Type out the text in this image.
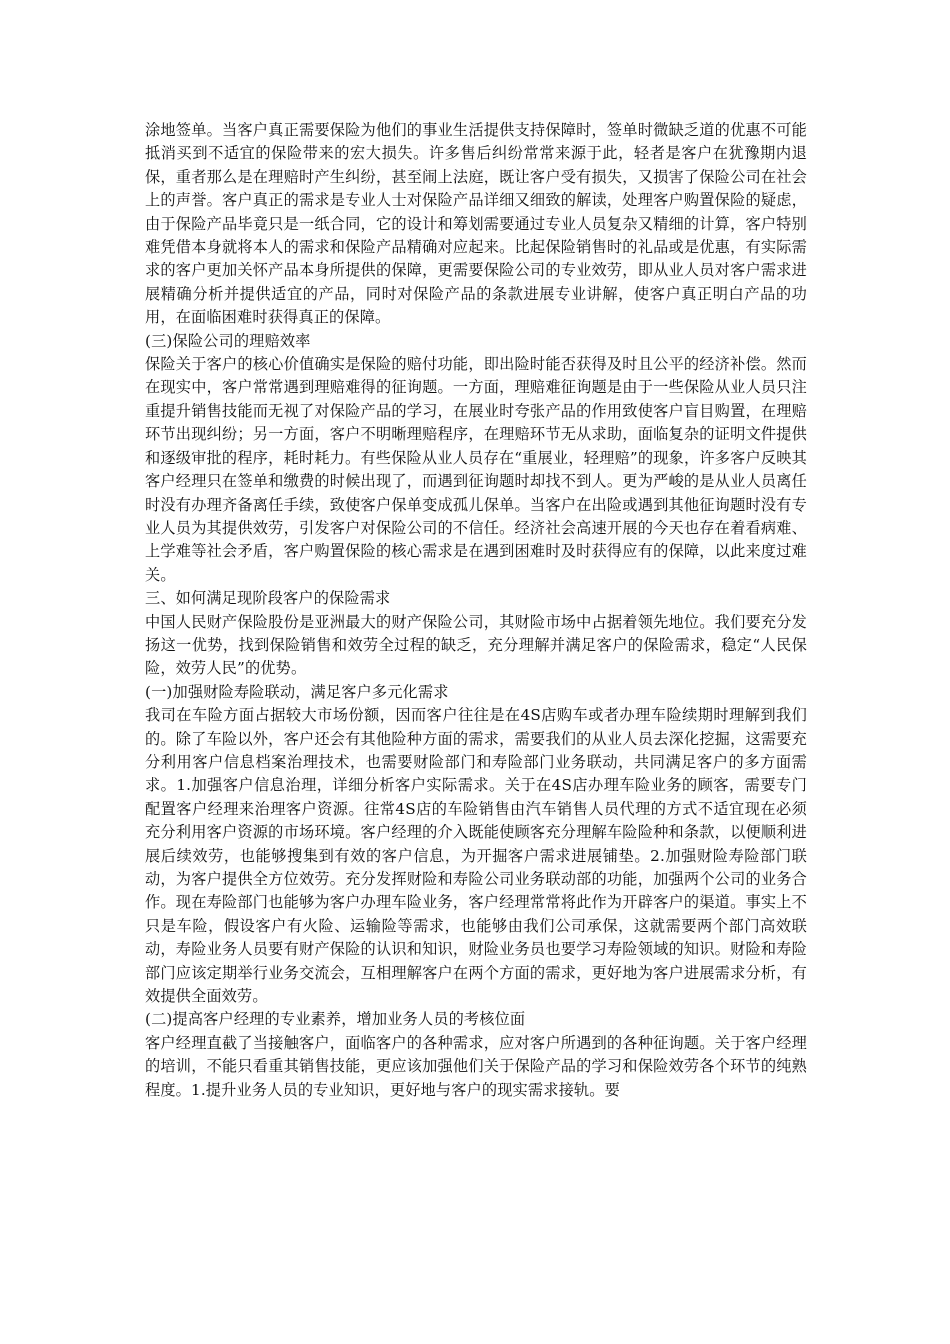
涂地签单。当客户真正需要保险为他们的事业生活提供支持保障时，签单时微缺乏道的优惠不可能抵消买到不适宜的保险带来的宏大损失。许多售后纠纷常常来源于此，轻者是客户在犹豫期内退保，重者那么是在理赔时产生纠纷，甚至闹上法庭，既让客户受有损失，又损害了保险公司在社会上的声誉。客户真正的需求是专业人士对保险产品详细又细致的解读，处理客户购置保险的疑虑，由于保险产品毕竟只是一纸合同，它的设计和筹划需要通过专业人员复杂又精细的计算，客户特别难凭借本身就将本人的需求和保险产品精确对应起来。比起保险销售时的礼品或是优惠，有实际需求的客户更加关怀产品本身所提供的保障，更需要保险公司的专业效劳，即从业人员对客户需求进展精确分析并提供适宜的产品，同时对保险产品的条款进展专业讲解，使客户真正明白产品的功用，在面临困难时获得真正的保障。

(三)保险公司的理赔效率

保险关于客户的核心价值确实是保险的赔付功能，即出险时能否获得及时且公平的经济补偿。然而在现实中，客户常常遇到理赔难得的征询题。一方面，理赔难征询题是由于一些保险从业人员只注重提升销售技能而无视了对保险产品的学习，在展业时夸张产品的作用致使客户盲目购置，在理赔环节出现纠纷；另一方面，客户不明晰理赔程序，在理赔环节无从求助，面临复杂的证明文件提供和逐级审批的程序，耗时耗力。有些保险从业人员存在“重展业，轻理赔”的现象，许多客户反映其客户经理只在签单和缴费的时候出现了，而遇到征询题时却找不到人。更为严峻的是从业人员离任时没有办理齐备离任手续，致使客户保单变成孤儿保单。当客户在出险或遇到其他征询题时没有专业人员为其提供效劳，引发客户对保险公司的不信任。经济社会高速开展的今天也存在着看病难、上学难等社会矛盾，客户购置保险的核心需求是在遇到困难时及时获得应有的保障，以此来度过难关。

三、如何满足现阶段客户的保险需求

中国人民财产保险股份是亚洲最大的财产保险公司，其财险市场中占据着领先地位。我们要充分发扬这一优势，找到保险销售和效劳全过程的缺乏，充分理解并满足客户的保险需求，稳定“人民保险，效劳人民”的优势。

(一)加强财险寿险联动，满足客户多元化需求

我司在车险方面占据较大市场份额，因而客户往往是在4S店购车或者办理车险续期时理解到我们的。除了车险以外，客户还会有其他险种方面的需求，需要我们的从业人员去深化挖掘，这需要充分利用客户信息档案治理技术，也需要财险部门和寿险部门业务联动，共同满足客户的多方面需求。1.加强客户信息治理，详细分析客户实际需求。关于在4S店办理车险业务的顾客，需要专门配置客户经理来治理客户资源。往常4S店的车险销售由汽车销售人员代理的方式不适宜现在必须充分利用客户资源的市场环境。客户经理的介入既能使顾客充分理解车险险种和条款，以便顺利进展后续效劳，也能够搜集到有效的客户信息，为开掘客户需求进展铺垫。2.加强财险寿险部门联动，为客户提供全方位效劳。充分发挥财险和寿险公司业务联动部的功能，加强两个公司的业务合作。现在寿险部门也能够为客户办理车险业务，客户经理常常将此作为开辟客户的渠道。事实上不只是车险，假设客户有火险、运输险等需求，也能够由我们公司承保，这就需要两个部门高效联动，寿险业务人员要有财产保险的认识和知识，财险业务员也要学习寿险领域的知识。财险和寿险部门应该定期举行业务交流会，互相理解客户在两个方面的需求，更好地为客户进展需求分析，有效提供全面效劳。

(二)提高客户经理的专业素养，增加业务人员的考核位面

客户经理直截了当接触客户，面临客户的各种需求，应对客户所遇到的各种征询题。关于客户经理的培训，不能只看重其销售技能，更应该加强他们关于保险产品的学习和保险效劳各个环节的纯熟程度。1.提升业务人员的专业知识，更好地与客户的现实需求接轨。要
